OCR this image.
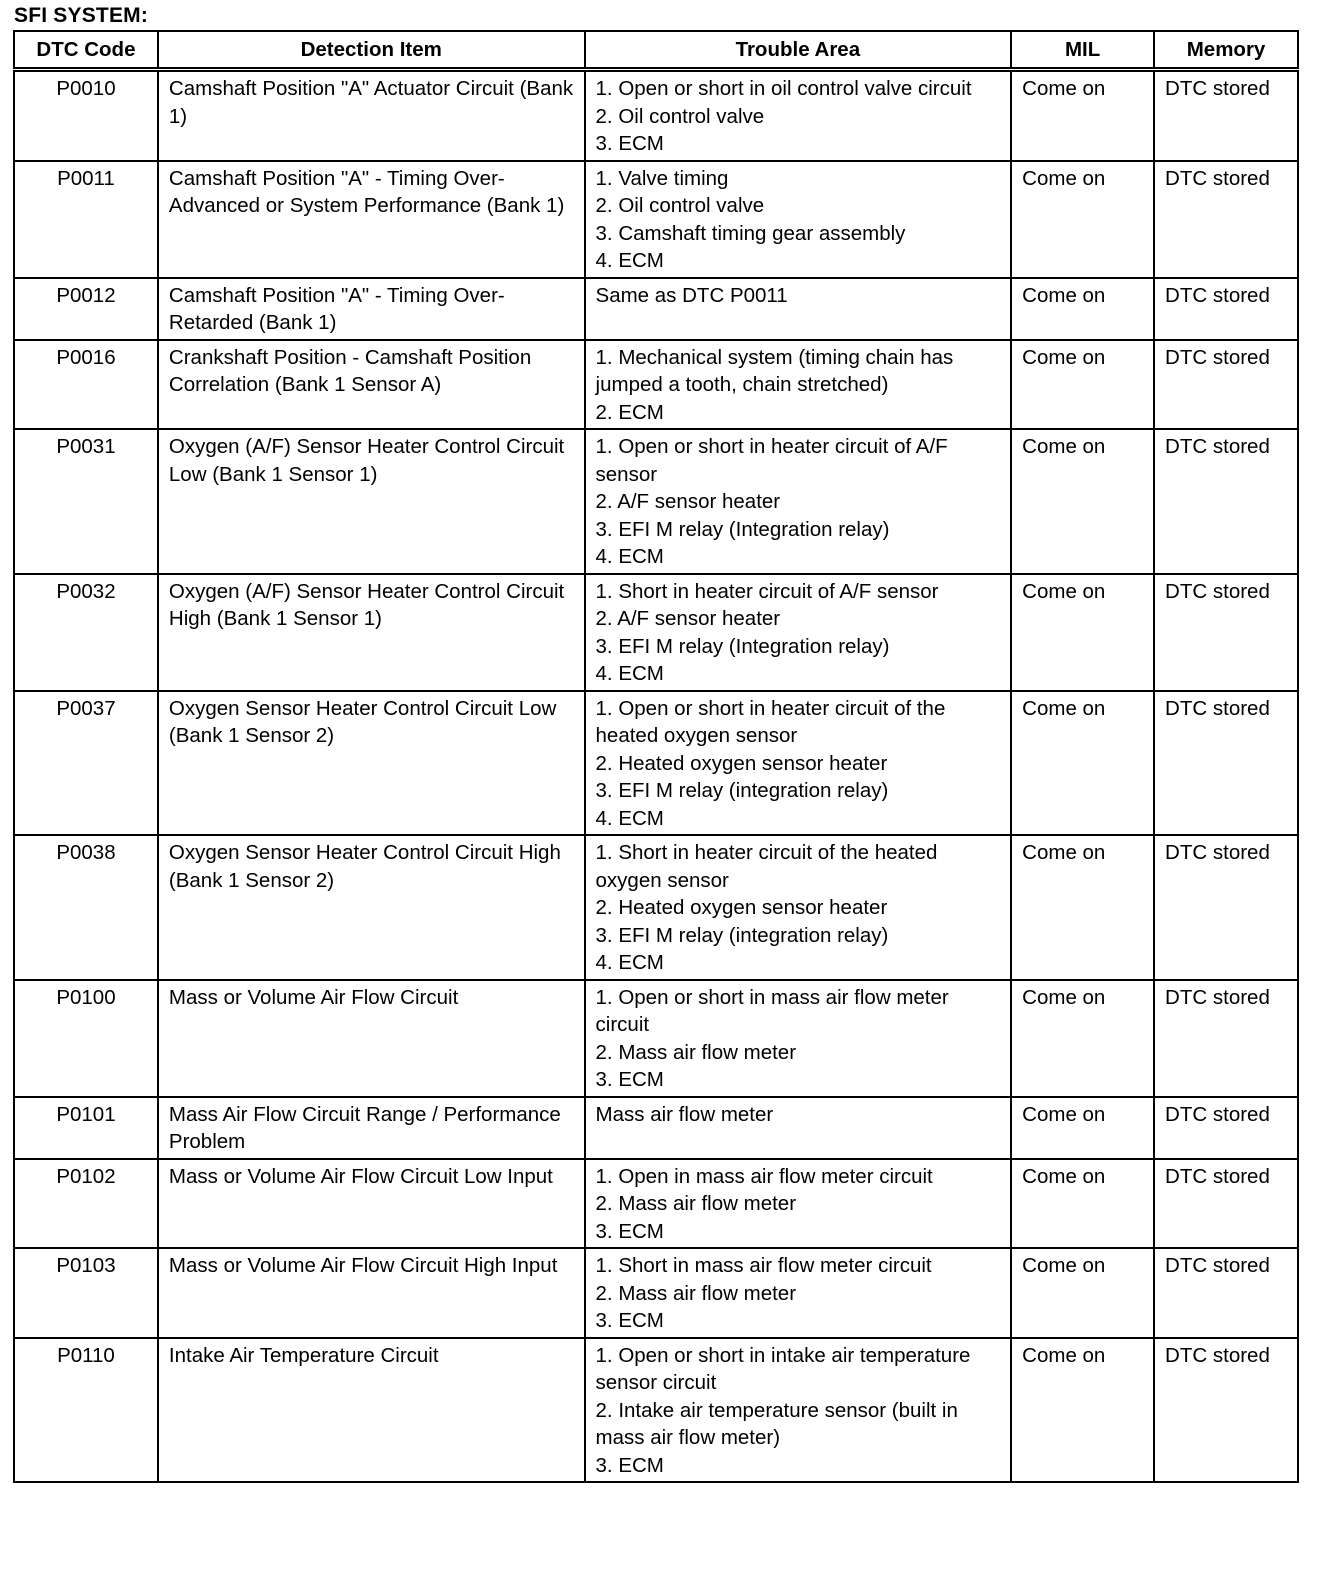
SFI SYSTEM:
DTC Code	Detection Item	Trouble Area	MIL	Memory
P0010	Camshaft Position "A" Actuator Circuit (Bank 1)	1. Open or short in oil control valve circuit
2. Oil control valve
3. ECM	Come on	DTC stored
P0011	Camshaft Position "A" - Timing Over-Advanced or System Performance (Bank 1)	1. Valve timing
2. Oil control valve
3. Camshaft timing gear assembly
4. ECM	Come on	DTC stored
P0012	Camshaft Position "A" - Timing Over-Retarded (Bank 1)	Same as DTC P0011	Come on	DTC stored
P0016	Crankshaft Position - Camshaft Position Correlation (Bank 1 Sensor A)	1. Mechanical system (timing chain has jumped a tooth, chain stretched)
2. ECM	Come on	DTC stored
P0031	Oxygen (A/F) Sensor Heater Control Circuit Low (Bank 1 Sensor 1)	1. Open or short in heater circuit of A/F sensor
2. A/F sensor heater
3. EFI M relay (Integration relay)
4. ECM	Come on	DTC stored
P0032	Oxygen (A/F) Sensor Heater Control Circuit High (Bank 1 Sensor 1)	1. Short in heater circuit of A/F sensor
2. A/F sensor heater
3. EFI M relay (Integration relay)
4. ECM	Come on	DTC stored
P0037	Oxygen Sensor Heater Control Circuit Low (Bank 1 Sensor 2)	1. Open or short in heater circuit of the heated oxygen sensor
2. Heated oxygen sensor heater
3. EFI M relay (integration relay)
4. ECM	Come on	DTC stored
P0038	Oxygen Sensor Heater Control Circuit High (Bank 1 Sensor 2)	1. Short in heater circuit of the heated oxygen sensor
2. Heated oxygen sensor heater
3. EFI M relay (integration relay)
4. ECM	Come on	DTC stored
P0100	Mass or Volume Air Flow Circuit	1. Open or short in mass air flow meter circuit
2. Mass air flow meter
3. ECM	Come on	DTC stored
P0101	Mass Air Flow Circuit Range / Performance Problem	Mass air flow meter	Come on	DTC stored
P0102	Mass or Volume Air Flow Circuit Low Input	1. Open in mass air flow meter circuit
2. Mass air flow meter
3. ECM	Come on	DTC stored
P0103	Mass or Volume Air Flow Circuit High Input	1. Short in mass air flow meter circuit
2. Mass air flow meter
3. ECM	Come on	DTC stored
P0110	Intake Air Temperature Circuit	1. Open or short in intake air temperature sensor circuit
2. Intake air temperature sensor (built in mass air flow meter)
3. ECM	Come on	DTC stored
